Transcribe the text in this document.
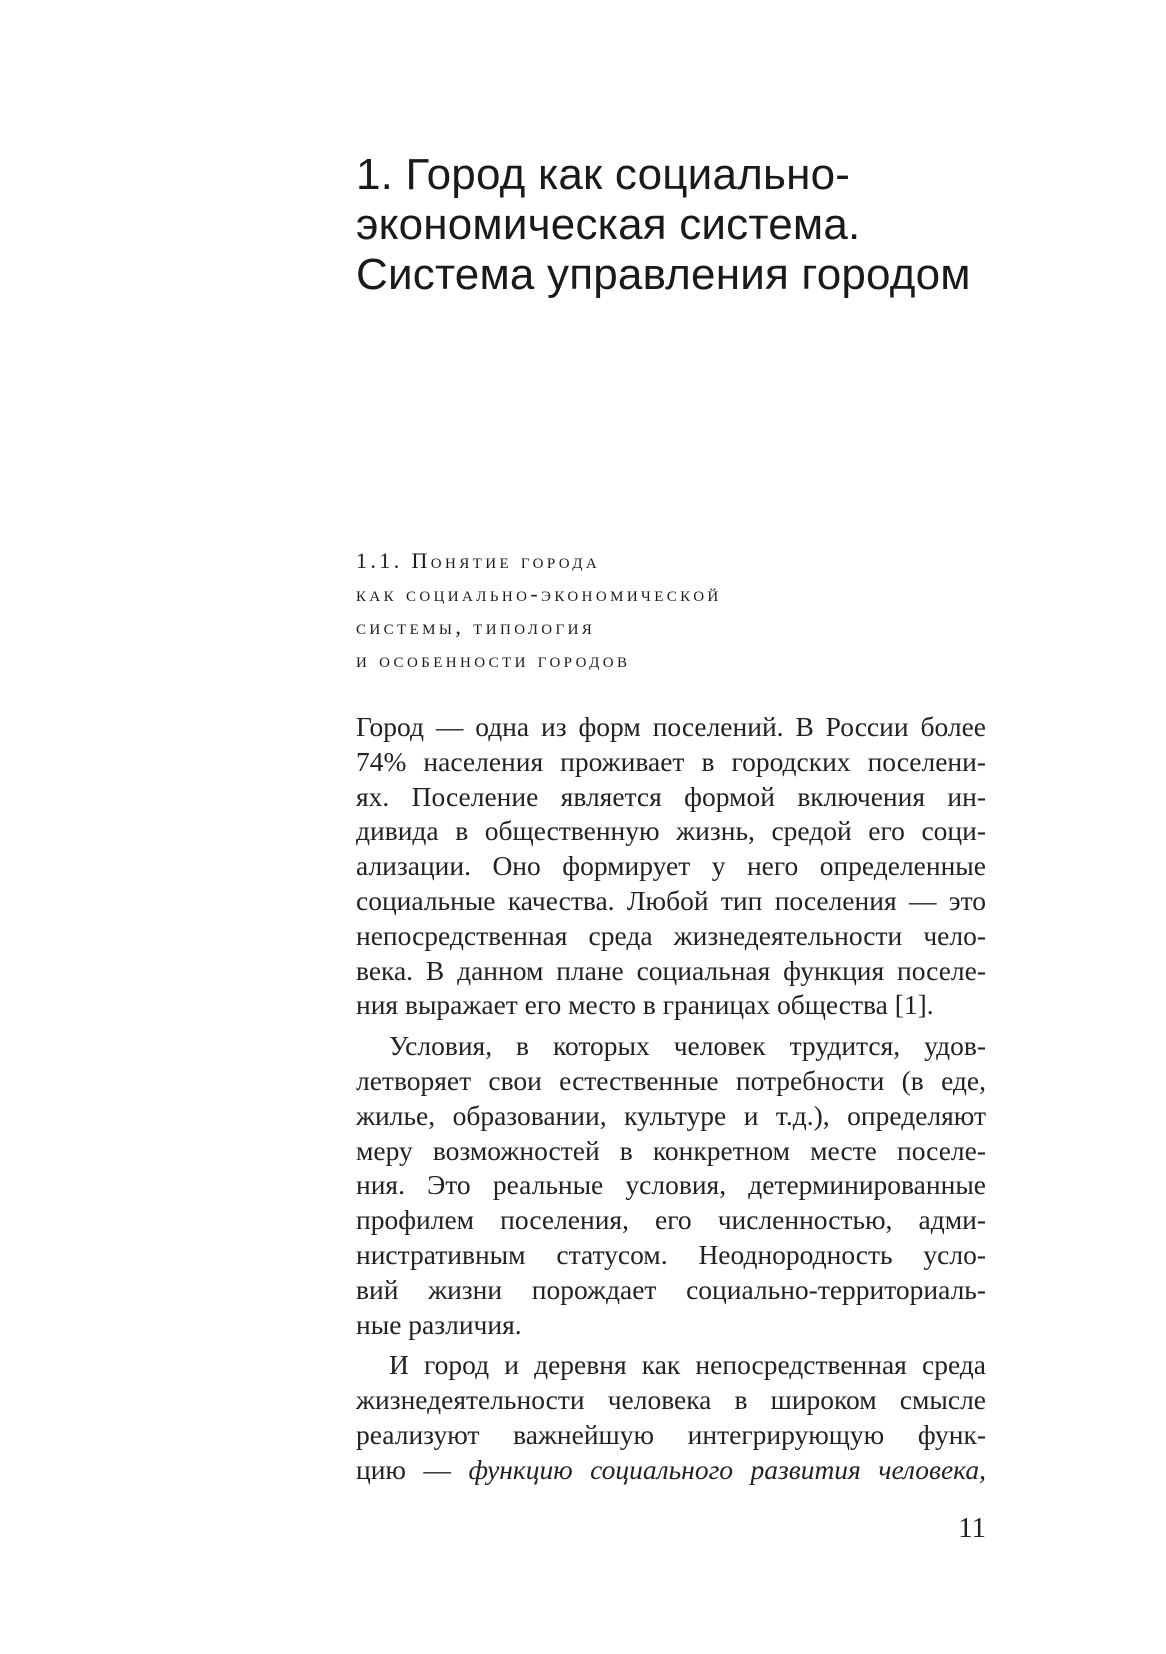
1. Город как социально-
экономическая система.
Система управления городом
1.1. Понятие города
как социально-экономической
системы, типология
и особенности городов
Город — одна из форм поселений. В России более
74% населения проживает в городских поселени-
ях. Поселение является формой включения ин-
дивида в общественную жизнь, средой его соци-
ализации. Оно формирует у него определенные
социальные качества. Любой тип поселения — это
непосредственная среда жизнедеятельности чело-
века. В данном плане социальная функция поселе-
ния выражает его место в границах общества [1].
Условия, в которых человек трудится, удов-
летворяет свои естественные потребности (в еде,
жилье, образовании, культуре и т.д.), определяют
меру возможностей в конкретном месте поселе-
ния. Это реальные условия, детерминированные
профилем поселения, его численностью, адми-
нистративным статусом. Неоднородность усло-
вий жизни порождает социально-территориаль-
ные различия.
И город и деревня как непосредственная среда
жизнедеятельности человека в широком смысле
реализуют важнейшую интегрирующую функ-
цию — функцию социального развития человека,
11
